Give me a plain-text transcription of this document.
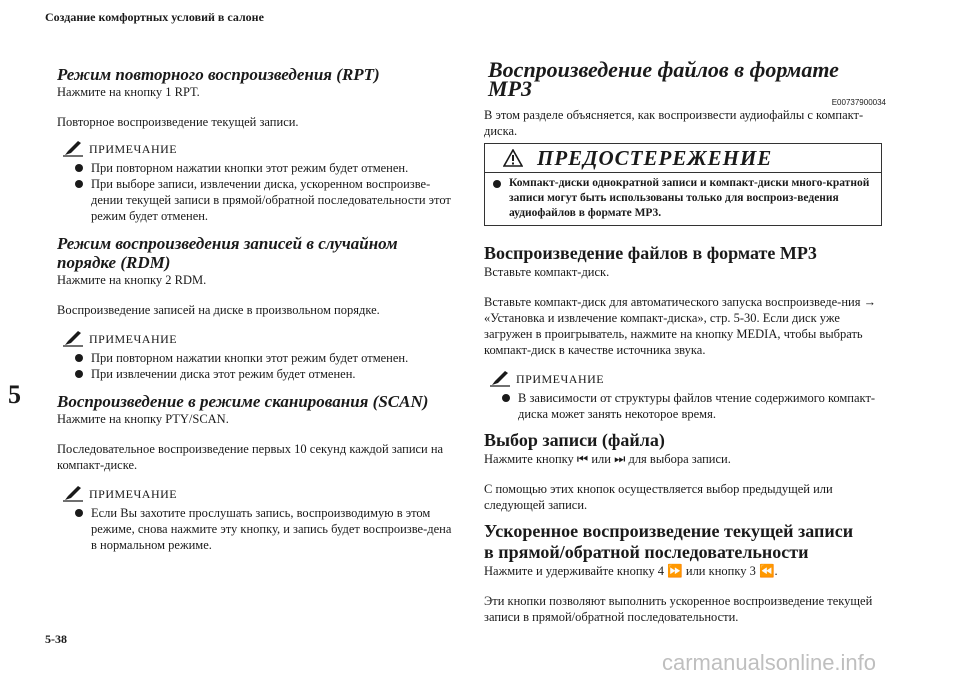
Создание комфортных условий в салоне
5
5-38
carmanualsonline.info
Режим повторного воспроизведения (RPT)

Нажмите на кнопку 1 RPT.

Повторное воспроизведение текущей записи.

ПРИМЕЧАНИЕ
При повторном нажатии кнопки этот режим будет отменен.
При выборе записи, извлечении диска, ускоренном воспроизве-дении текущей записи в прямой/обратной последовательности этот режим будет отменен.
Режим воспроизведения записей в случайном порядке (RDM)

Нажмите на кнопку 2 RDM.

Воспроизведение записей на диске в произвольном порядке.

ПРИМЕЧАНИЕ
При повторном нажатии кнопки этот режим будет отменен.
При извлечении диска этот режим будет отменен.
Воспроизведение в режиме сканирования (SCAN)

Нажмите на кнопку PTY/SCAN.

Последовательное воспроизведение первых 10 секунд каждой записи на компакт-диске.

ПРИМЕЧАНИЕ
Если Вы захотите прослушать запись, воспроизводимую в этом режиме, снова нажмите эту кнопку, и запись будет воспроизве-дена в нормальном режиме.
Воспроизведение файлов в формате MP3
E00737900034

В этом разделе объясняется, как воспроизвести аудиофайлы с компакт-диска.

ПРЕДОСТЕРЕЖЕНИЕ
Компакт-диски однократной записи и компакт-диски много-кратной записи могут быть использованы только для воспроиз-ведения аудиофайлов в формате MP3.
Воспроизведение файлов в формате MP3

Вставьте компакт-диск.

Вставьте компакт-диск для автоматического запуска воспроизведе-ния → «Установка и извлечение компакт-диска», стр. 5-30. Если диск уже загружен в проигрыватель, нажмите на кнопку MEDIA, чтобы выбрать компакт-диск в качестве источника звука.

ПРИМЕЧАНИЕ
В зависимости от структуры файлов чтение содержимого компакт-диска может занять некоторое время.
Выбор записи (файла)

Нажмите кнопку ⏮ или ⏭ для выбора записи.

С помощью этих кнопок осуществляется выбор предыдущей или следующей записи.

Ускоренное воспроизведение текущей записи
в прямой/обратной последовательности

Нажмите и удерживайте кнопку 4 ⏩ или кнопку 3 ⏪.

Эти кнопки позволяют выполнить ускоренное воспроизведение текущей записи в прямой/обратной последовательности.
